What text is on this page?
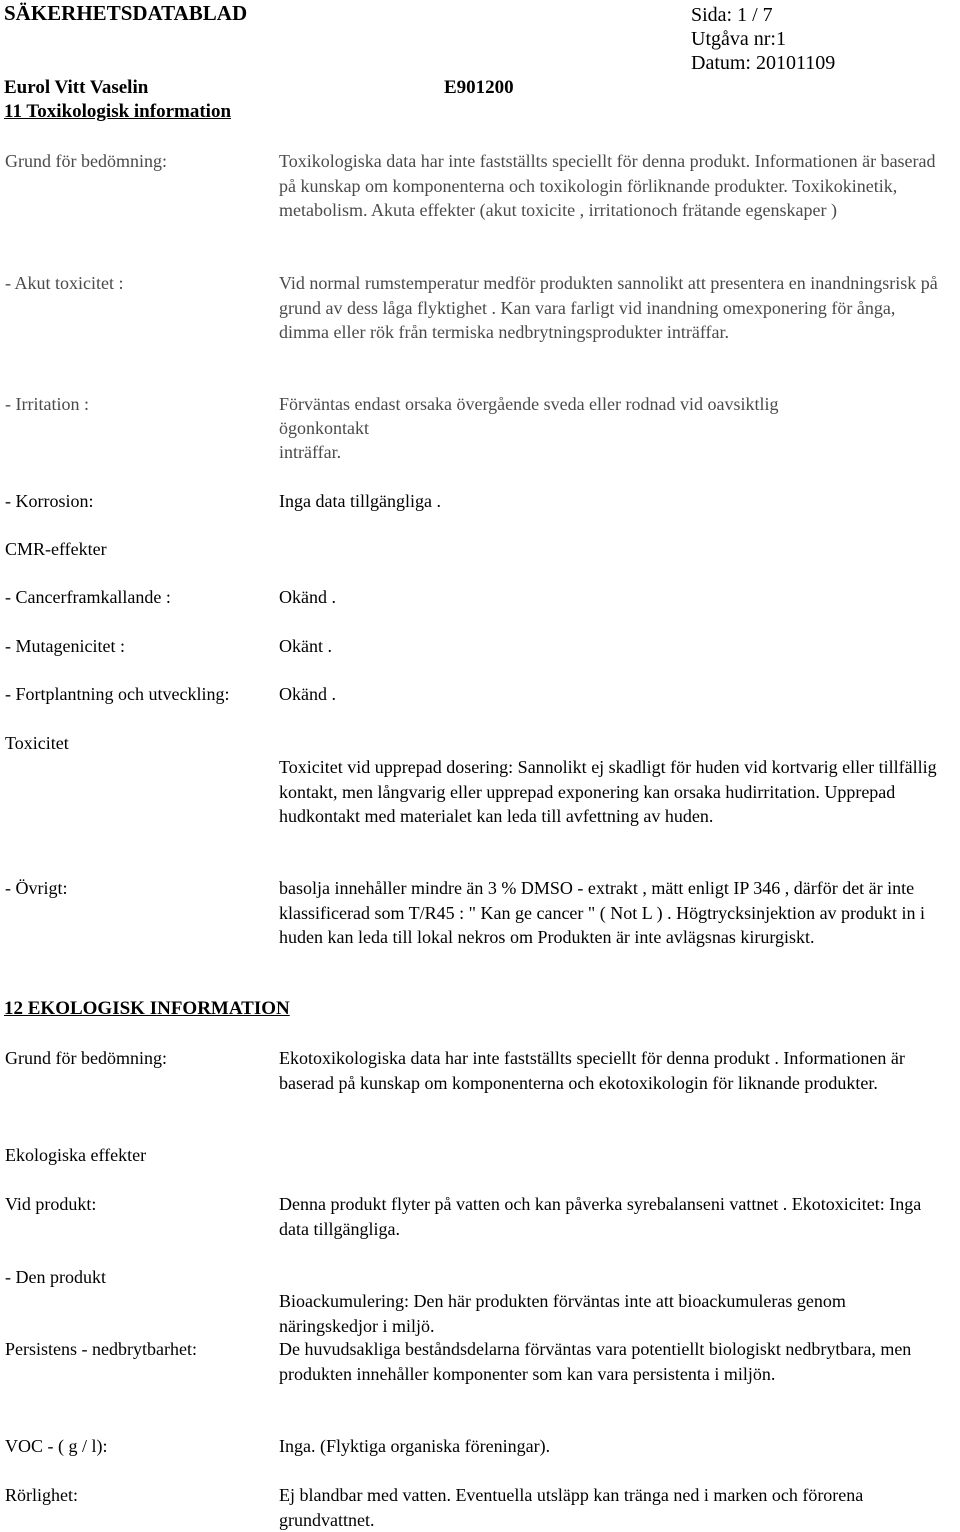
SÄKERHETSDATABLAD	Sida: 1 / 7
Utgåva nr:1
Datum: 20101109
Eurol Vitt Vaselin	E901200
11 Toxikologisk information
Grund för bedömning:	Toxikologiska data har inte fastställts speciellt för denna produkt. Informationen är baserad på kunskap om komponenterna och toxikologin förliknande produkter. Toxikokinetik, metabolism. Akuta effekter (akut toxicite , irritationoch frätande egenskaper )
- Akut toxicitet :	Vid normal rumstemperatur medför produkten sannolikt att presentera en inandningsrisk på grund av dess låga flyktighet . Kan vara farligt vid inandning omexponering för ånga, dimma eller rök från termiska nedbrytningsprodukter inträffar.
- Irritation :	Förväntas endast orsaka övergående sveda eller rodnad vid oavsiktlig
ögonkontakt
inträffar.
- Korrosion:	Inga data tillgängliga .
CMR-effekter
- Cancerframkallande :	Okänd .
- Mutagenicitet :	Okänt .
- Fortplantning och utveckling:	Okänd .
Toxicitet
Toxicitet vid upprepad dosering: Sannolikt ej skadligt för huden vid kortvarig eller tillfällig kontakt, men långvarig eller upprepad exponering kan orsaka hudirritation. Upprepad hudkontakt med materialet kan leda till avfettning av huden.
- Övrigt:	basolja innehåller mindre än 3 % DMSO - extrakt , mätt enligt IP 346 , därför det är inte klassificerad som T/R45 : " Kan ge cancer " ( Not L ) . Högtrycksinjektion av produkt in i huden kan leda till lokal nekros om Produkten är inte avlägsnas kirurgiskt.
12 EKOLOGISK INFORMATION
Grund för bedömning:	Ekotoxikologiska data har inte fastställts speciellt för denna produkt . Informationen är baserad på kunskap om komponenterna och ekotoxikologin för liknande produkter.
Ekologiska effekter
Vid produkt:	Denna produkt flyter på vatten och kan påverka syrebalanseni vattnet . Ekotoxicitet: Inga data tillgängliga.
- Den produkt
Bioackumulering: Den här produkten förväntas inte att bioackumuleras genom näringskedjor i miljö.
Persistens - nedbrytbarhet:	De huvudsakliga beståndsdelarna förväntas vara potentiellt biologiskt nedbrytbara, men produkten innehåller komponenter som kan vara persistenta i miljön.
VOC - ( g / l):	Inga. (Flyktiga organiska föreningar).
Rörlighet:	Ej blandbar med vatten. Eventuella utsläpp kan tränga ned i marken och förorena grundvattnet.
